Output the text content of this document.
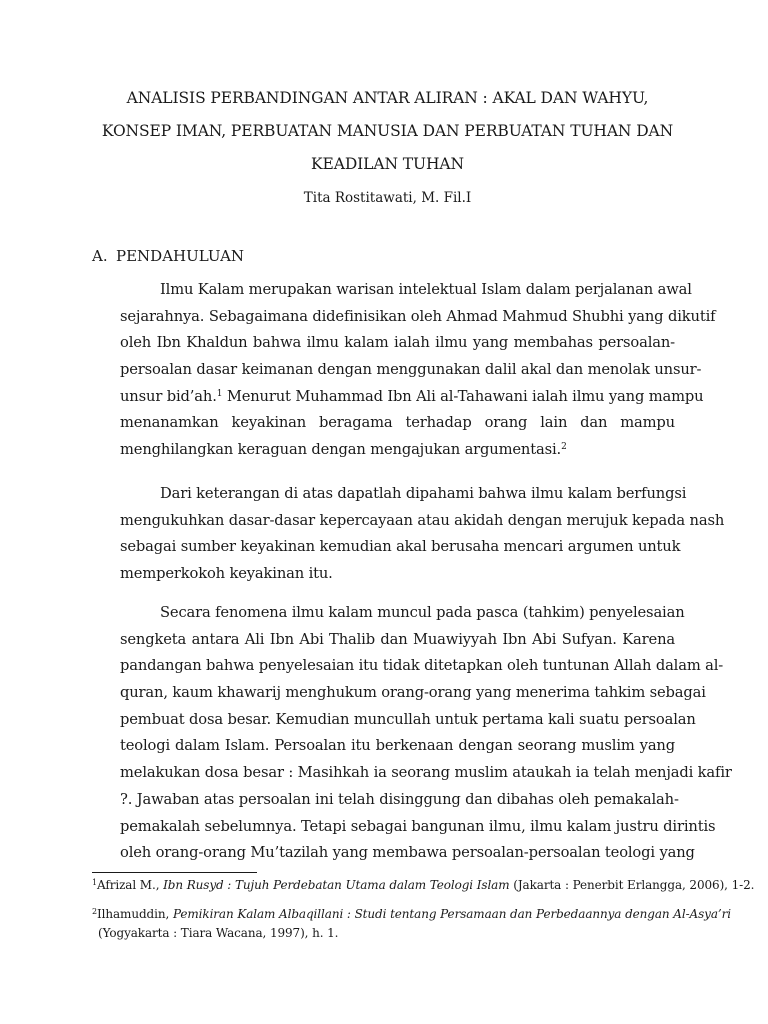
ANALISIS PERBANDINGAN ANTAR ALIRAN : AKAL DAN WAHYU,
KONSEP IMAN, PERBUATAN MANUSIA DAN PERBUATAN TUHAN DAN
KEADILAN TUHAN
Tita Rostitawati, M. Fil.I
A. PENDAHULUAN
Ilmu Kalam merupakan warisan intelektual Islam dalam perjalanan awal
sejarahnya. Sebagaimana didefinisikan oleh Ahmad Mahmud Shubhi yang dikutif
oleh Ibn Khaldun bahwa ilmu kalam ialah ilmu yang membahas persoalan-
persoalan dasar keimanan dengan menggunakan dalil akal dan menolak unsur-
unsur bid’ah.$^1$ Menurut Muhammad Ibn Ali al-Tahawani ialah ilmu yang mampu
menanamkan keyakinan beragama terhadap orang lain dan mampu
menghilangkan keraguan dengan mengajukan argumentasi.$^2$
Dari keterangan di atas dapatlah dipahami bahwa ilmu kalam berfungsi
mengukuhkan dasar-dasar kepercayaan atau akidah dengan merujuk kepada nash
sebagai sumber keyakinan kemudian akal berusaha mencari argumen untuk
memperkokoh keyakinan itu.
Secara fenomena ilmu kalam muncul pada pasca (tahkim) penyelesaian
sengketa antara Ali Ibn Abi Thalib dan Muawiyyah Ibn Abi Sufyan. Karena
pandangan bahwa penyelesaian itu tidak ditetapkan oleh tuntunan Allah dalam al-
quran, kaum khawarij menghukum orang-orang yang menerima tahkim sebagai
pembuat dosa besar. Kemudian muncullah untuk pertama kali suatu persoalan
teologi dalam Islam. Persoalan itu berkenaan dengan seorang muslim yang
melakukan dosa besar : Masihkah ia seorang muslim ataukah ia telah menjadi kafir
?. Jawaban atas persoalan ini telah disinggung dan dibahas oleh pemakalah-
pemakalah sebelumnya. Tetapi sebagai bangunan ilmu, ilmu kalam justru dirintis
oleh orang-orang Mu’tazilah yang membawa persoalan-persoalan teologi yang
$^1$Afrizal M., Ibn Rusyd : Tujuh Perdebatan Utama dalam Teologi Islam (Jakarta : Penerbit Erlangga, 2006), 1-2.
$^2$Ilhamuddin, Pemikiran Kalam Albaqillani : Studi tentang Persamaan dan Perbedaannya dengan Al-Asya’ri
(Yogyakarta : Tiara Wacana, 1997), h. 1.
